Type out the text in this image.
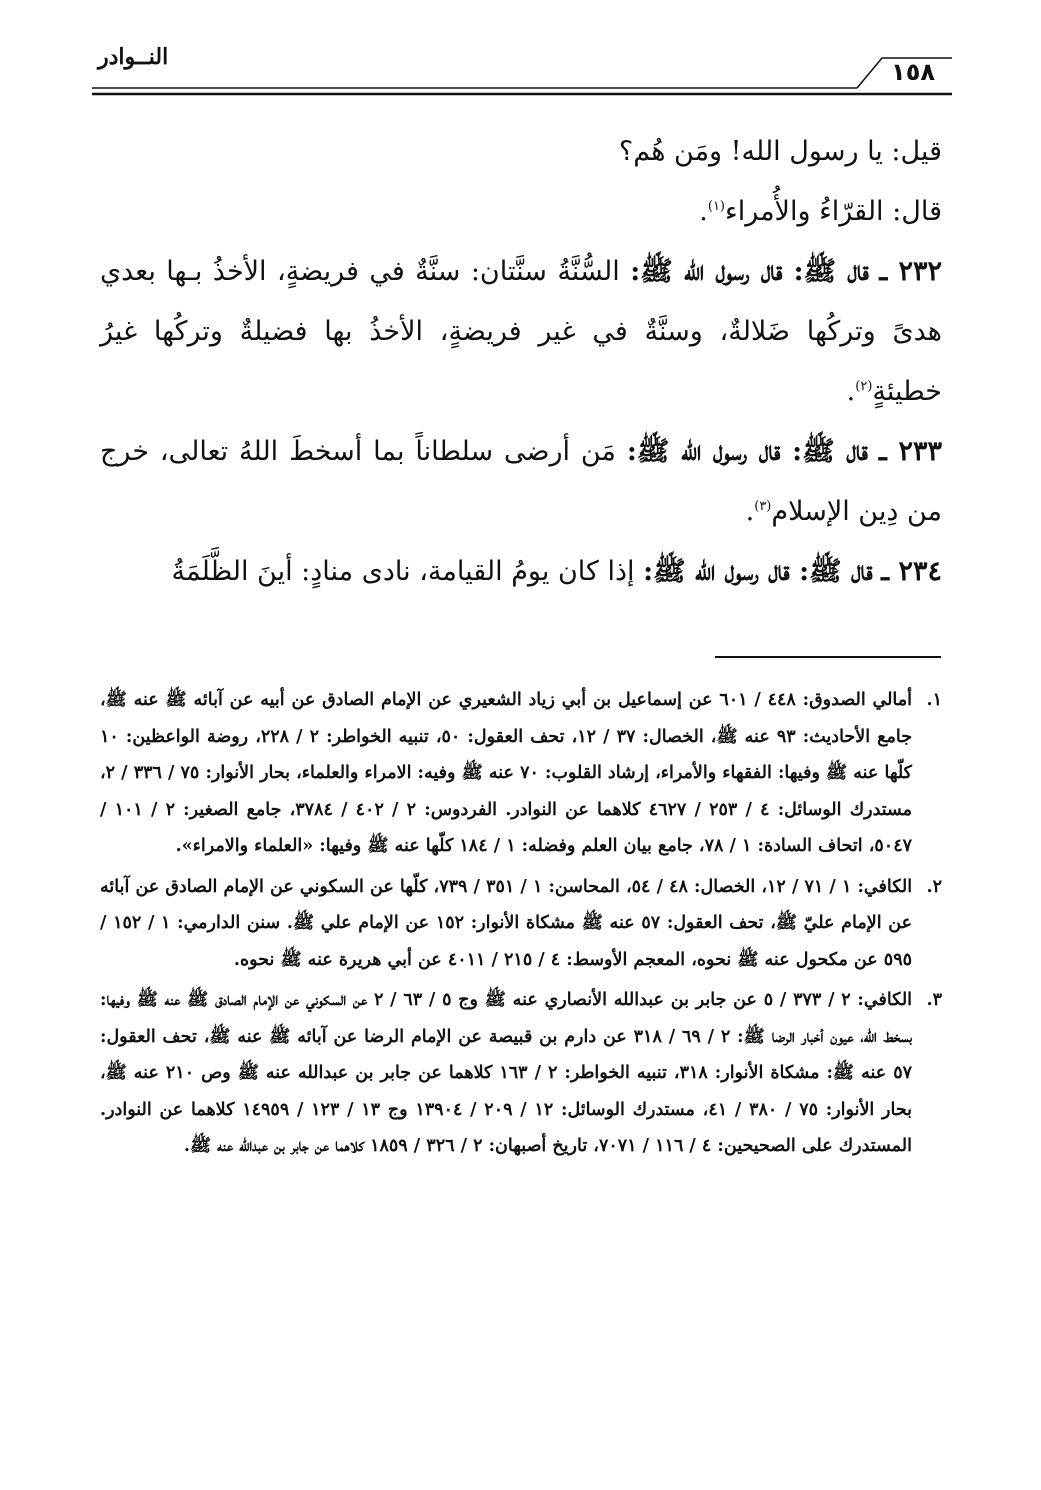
النــوادر
١٥٨

قيل: يا رسول الله! ومَن هُم؟

قال: القرّاءُ والأُمراء$^{(١)}$.

٢٣٢ ـ قال ﷺ: قال رسول الله ﷺ: السُّنَّةُ سنَّتان: سنَّةٌ في فريضةٍ، الأخذُ بـها بعدي هدىً وتركُها ضَلالةٌ، وسنَّةٌ في غير فريضةٍ، الأخذُ بها فضيلةٌ وتركُها غيرُ خطيئةٍ$^{(٢)}$.

٢٣٣ ـ قال ﷺ: قال رسول الله ﷺ: مَن أرضى سلطاناً بما أسخطَ اللهُ تعالى، خرج من دِين الإسلام$^{(٣)}$.

٢٣٤ ـ قال ﷺ: قال رسول الله ﷺ: إذا كان يومُ القيامة، نادى منادٍ: أينَ الظَّلَمَةُ

١.
أمالي الصدوق: ٤٤٨ / ٦٠١ عن إسماعيل بن أبي زياد الشعيري عن الإمام الصادق عن أبيه عن آبائه ﷺ عنه ﷺ، جامع الأحاديث: ٩٣ عنه ﷺ، الخصال: ٣٧ / ١٢، تحف العقول: ٥٠، تنبيه الخواطر: ٢ / ٢٢٨، روضة الواعظين: ١٠ كلّها عنه ﷺ وفيها: الفقهاء والأمراء، إرشاد القلوب: ٧٠ عنه ﷺ وفيه: الامراء والعلماء، بحار الأنوار: ٧٥ / ٣٣٦ / ٢، مستدرك الوسائل: ٤ / ٢٥٣ / ٤٦٢٧ كلاهما عن النوادر. الفردوس: ٢ / ٤٠٢ / ٣٧٨٤، جامع الصغير: ٢ / ١٠١ / ٥٠٤٧، اتحاف السادة: ١ / ٧٨، جامع بيان العلم وفضله: ١ / ١٨٤ كلّها عنه ﷺ وفيها: «العلماء والامراء».

٢.
الكافي: ١ / ٧١ / ١٢، الخصال: ٤٨ / ٥٤، المحاسن: ١ / ٣٥١ / ٧٣٩، كلّها عن السكوني عن الإمام الصادق عن آبائه عن الإمام عليّ ﷺ، تحف العقول: ٥٧ عنه ﷺ مشكاة الأنوار: ١٥٢ عن الإمام علي ﷺ. سنن الدارمي: ١ / ١٥٢ / ٥٩٥ عن مكحول عنه ﷺ نحوه، المعجم الأوسط: ٤ / ٢١٥ / ٤٠١١ عن أبي هريرة عنه ﷺ نحوه.

٣.
الكافي: ٢ / ٣٧٣ / ٥ عن جابر بن عبدالله الأنصاري عنه ﷺ وج ٥ / ٦٣ / ٢ عن السكوني عن الإمام الصادق ﷺ عنه ﷺ وفيها: بسخط الله، عيون أخبار الرضا ﷺ: ٢ / ٦٩ / ٣١٨ عن دارم بن قبيصة عن الإمام الرضا عن آبائه ﷺ عنه ﷺ، تحف العقول: ٥٧ عنه ﷺ: مشكاة الأنوار: ٣١٨، تنبيه الخواطر: ٢ / ١٦٣ كلاهما عن جابر بن عبدالله عنه ﷺ وص ٢١٠ عنه ﷺ، بحار الأنوار: ٧٥ / ٣٨٠ / ٤١، مستدرك الوسائل: ١٢ / ٢٠٩ / ١٣٩٠٤ وج ١٣ / ١٢٣ / ١٤٩٥٩ كلاهما عن النوادر. المستدرك على الصحيحين: ٤ / ١١٦ / ٧٠٧١، تاريخ أصبهان: ٢ / ٣٢٦ / ١٨٥٩ كلاهما عن جابر بن عبدالله عنه ﷺ.
